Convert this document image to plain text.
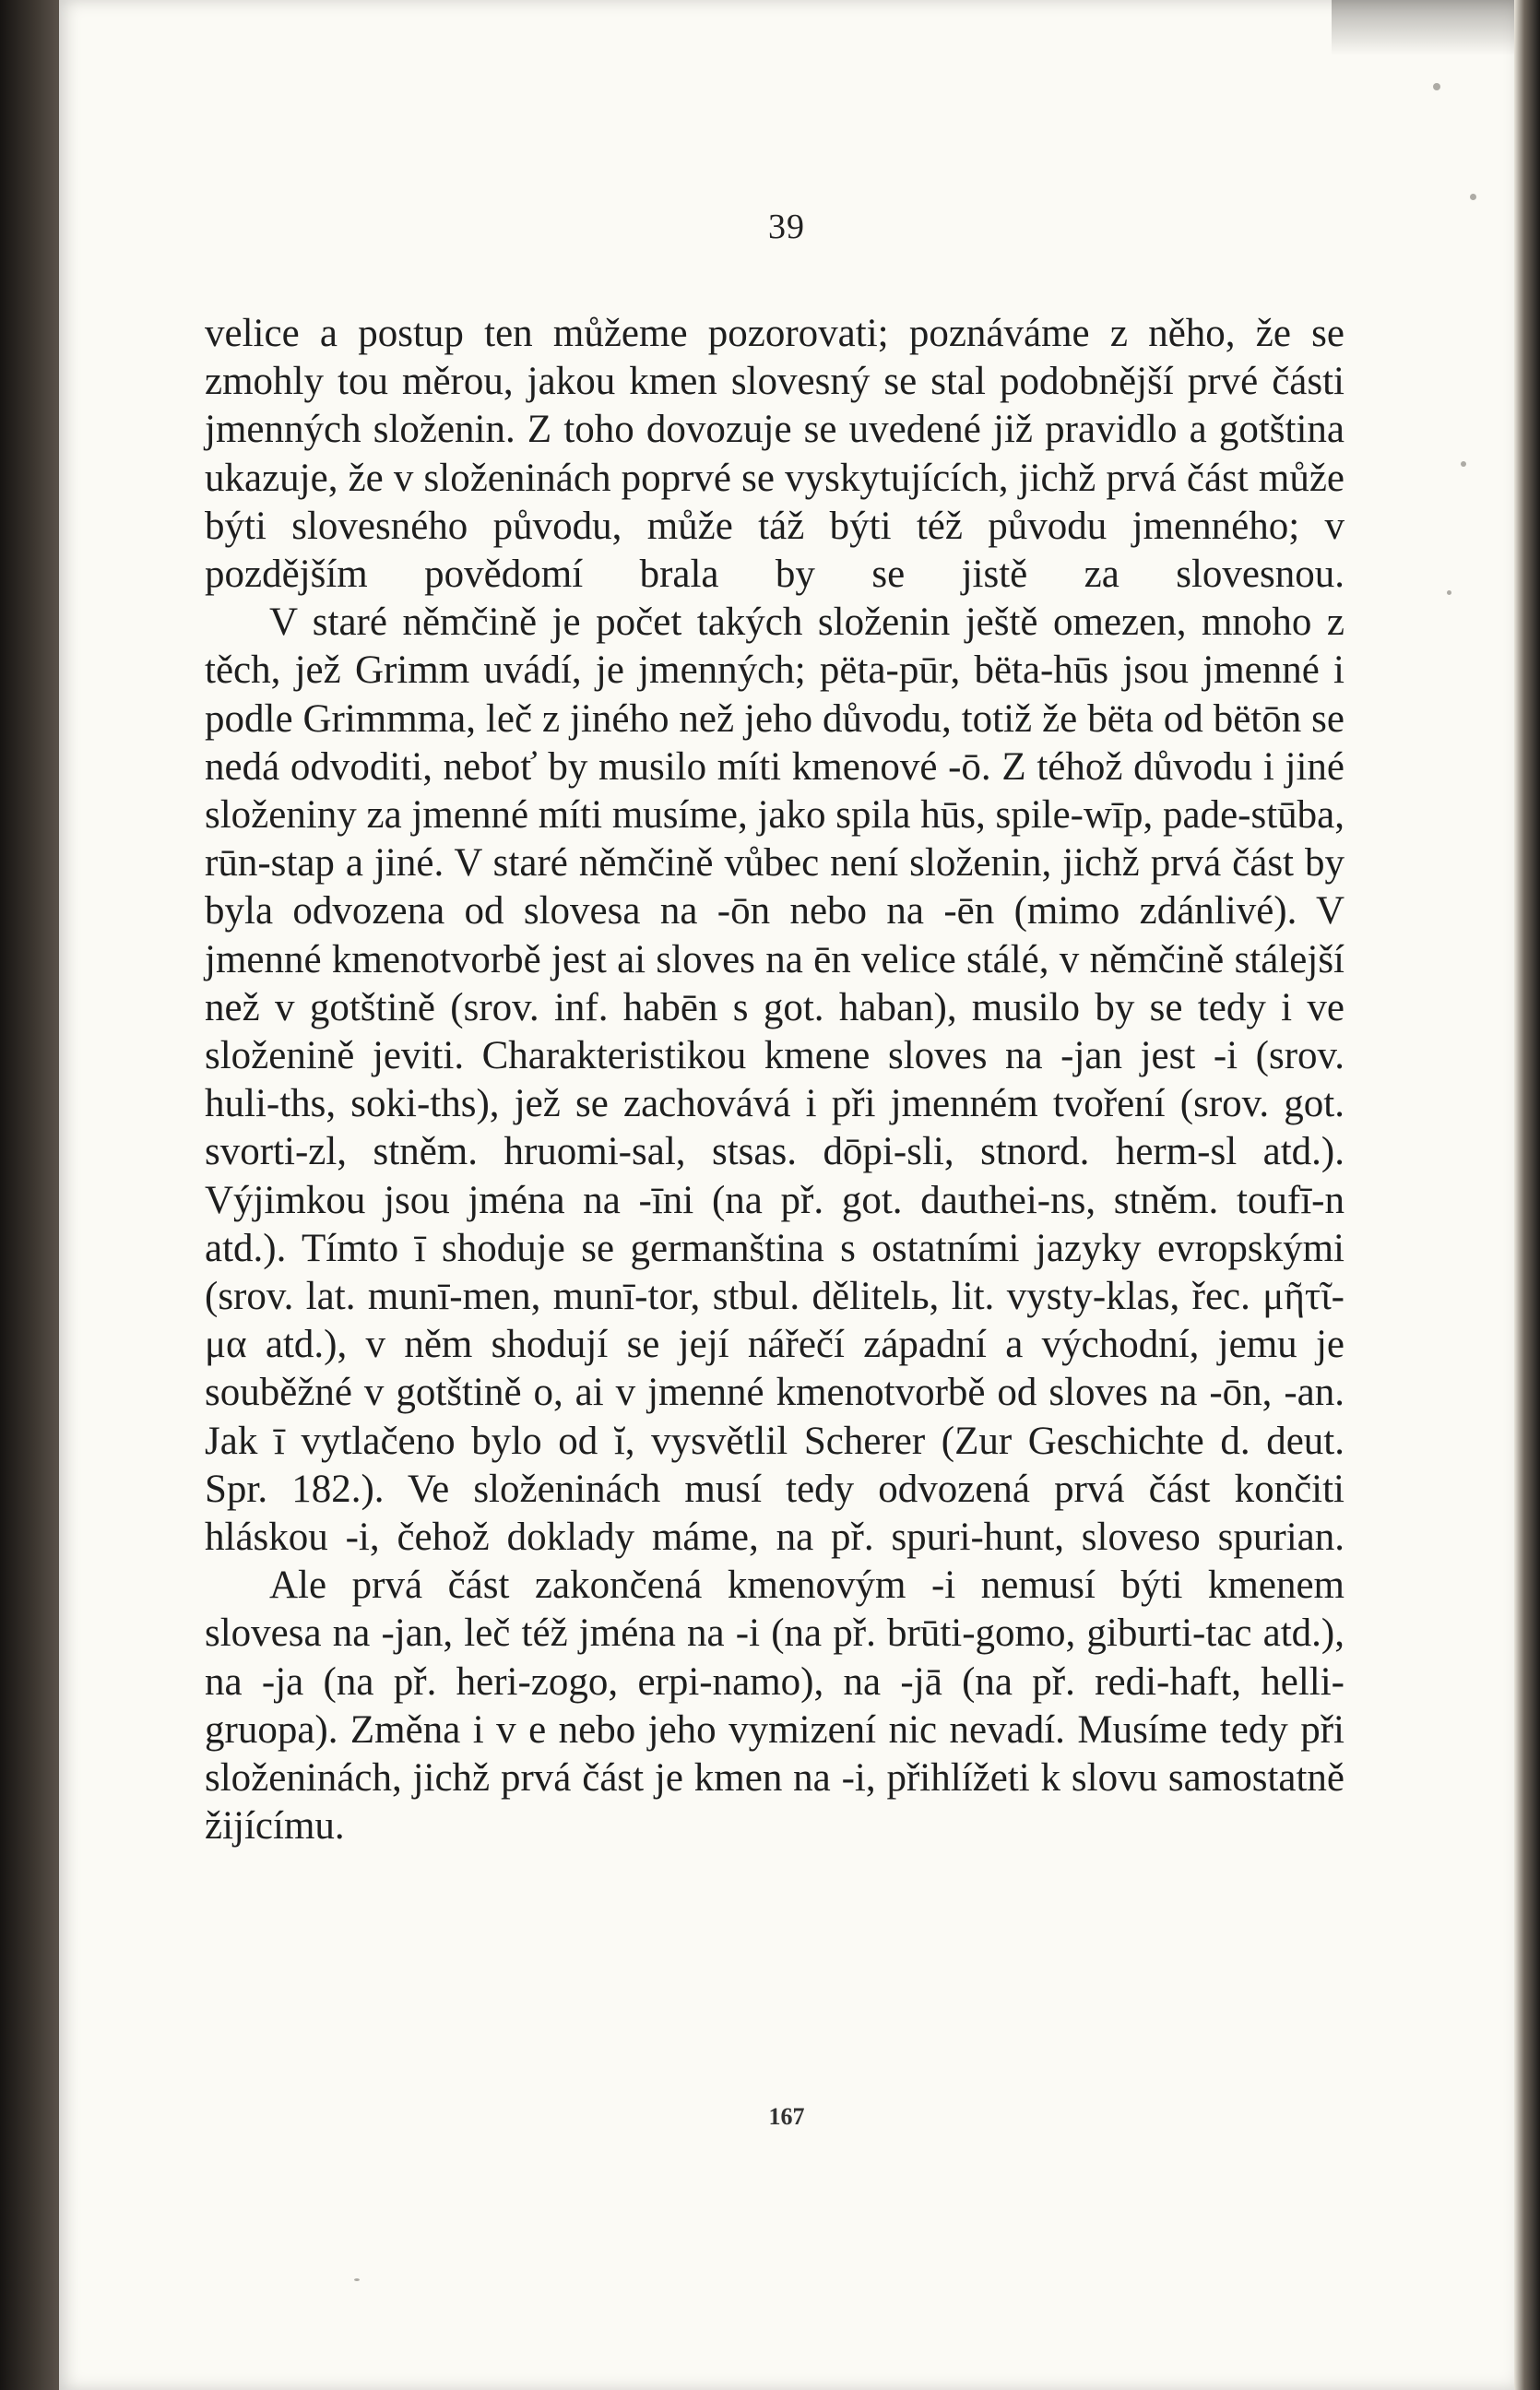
39

velice a postup ten můžeme pozorovati; poznáváme z něho, že se zmohly tou měrou, jakou kmen slovesný se stal podobnější prvé části jmenných složenin. Z toho dovozuje se uvedené již pravidlo a gotština ukazuje, že v složeninách poprvé se vyskytujících, jichž prvá část může býti slovesného původu, může táž býti též původu jmenného; v pozdějším povědomí brala by se jistě za slovesnou.

V staré němčině je počet takých složenin ještě omezen, mnoho z těch, jež Grimm uvádí, je jmenných; pëta-pūr, bëta-hūs jsou jmenné i podle Grimmma, leč z jiného než jeho důvodu, totiž že bëta od bëtōn se nedá odvoditi, neboť by musilo míti kmenové -ō. Z téhož důvodu i jiné složeniny za jmenné míti musíme, jako spila hūs, spile-wīp, pade-stūba, rūn-stap a jiné. V staré němčině vůbec není složenin, jichž prvá část by byla odvozena od slovesa na -ōn nebo na -ēn (mimo zdánlivé). V jmenné kmenotvorbě jest ai sloves na ēn velice stálé, v němčině stálejší než v gotštině (srov. inf. habēn s got. haban), musilo by se tedy i ve složenině jeviti. Charakteristikou kmene sloves na -jan jest -i (srov. huli-ths, soki-ths), jež se zachovává i při jmenném tvoření (srov. got. svorti-zl, stněm. hruomi-sal, stsas. dōpi-sli, stnord. herm-sl atd.). Výjimkou jsou jména na -īni (na př. got. dauthei-ns, stněm. toufī-n atd.). Tímto ī shoduje se germanština s ostatními jazyky evropskými (srov. lat. munī-men, munī-tor, stbul. dělitelь, lit. vysty-klas, řec. μῆτῖ-μα atd.), v něm shodují se její nářečí západní a východní, jemu je souběžné v gotštině o, ai v jmenné kmenotvorbě od sloves na -ōn, -an. Jak ī vytlačeno bylo od ĭ, vysvětlil Scherer (Zur Geschichte d. deut. Spr. 182.). Ve složeninách musí tedy odvozená prvá část končiti hláskou -i, čehož doklady máme, na př. spuri-hunt, sloveso spurian.

Ale prvá část zakončená kmenovým -i nemusí býti kmenem slovesa na -jan, leč též jména na -i (na př. brūti-gomo, giburti-tac atd.), na -ja (na př. heri-zogo, erpi-namo), na -jā (na př. redi-haft, helli-gruopa). Změna i v e nebo jeho vymizení nic nevadí. Musíme tedy při složeninách, jichž prvá část je kmen na -i, přihlížeti k slovu samostatně žijícímu.

167
